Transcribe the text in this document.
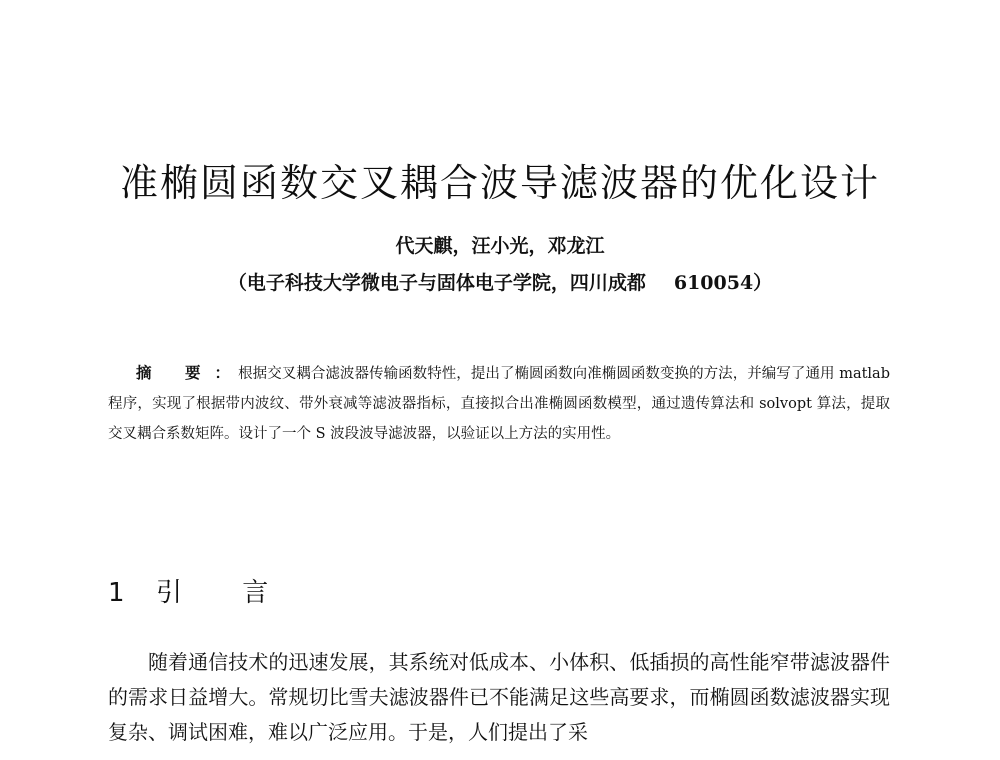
准椭圆函数交叉耦合波导滤波器的优化设计
代天麒，汪小光，邓龙江
（电子科技大学微电子与固体电子学院，四川成都 610054）
摘 要：根据交叉耦合滤波器传输函数特性，提出了椭圆函数向准椭圆函数变换的方法，并编写了通用 matlab 程序，实现了根据带内波纹、带外衰减等滤波器指标，直接拟合出准椭圆函数模型，通过遗传算法和 solvopt 算法，提取交叉耦合系数矩阵。设计了一个 S 波段波导滤波器，以验证以上方法的实用性。
1 引 言
随着通信技术的迅速发展，其系统对低成本、小体积、低插损的高性能窄带滤波器件的需求日益增大。常规切比雪夫滤波器件已不能满足这些高要求，而椭圆函数滤波器实现复杂、调试困难，难以广泛应用。于是，人们提出了采
